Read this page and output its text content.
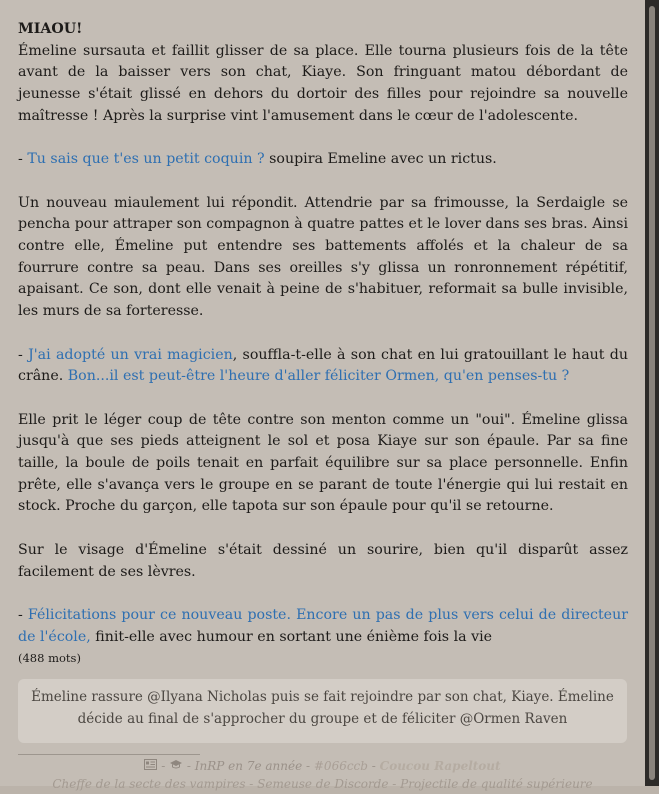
MIAOU!
Émeline sursauta et faillit glisser de sa place. Elle tourna plusieurs fois de la tête avant de la baisser vers son chat, Kiaye. Son fringuant matou débordant de jeunesse s'était glissé en dehors du dortoir des filles pour rejoindre sa nouvelle maîtresse ! Après la surprise vint l'amusement dans le cœur de l'adolescente.

- Tu sais que t'es un petit coquin ? soupira Emeline avec un rictus.

Un nouveau miaulement lui répondit. Attendrie par sa frimousse, la Serdaigle se pencha pour attraper son compagnon à quatre pattes et le lover dans ses bras. Ainsi contre elle, Émeline put entendre ses battements affolés et la chaleur de sa fourrure contre sa peau. Dans ses oreilles s'y glissa un ronronnement répétitif, apaisant. Ce son, dont elle venait à peine de s'habituer, reformait sa bulle invisible, les murs de sa forteresse.

- J'ai adopté un vrai magicien, souffla-t-elle à son chat en lui gratouillant le haut du crâne. Bon...il est peut-être l'heure d'aller féliciter Ormen, qu'en penses-tu ?

Elle prit le léger coup de tête contre son menton comme un "oui". Émeline glissa jusqu'à que ses pieds atteignent le sol et posa Kiaye sur son épaule. Par sa fine taille, la boule de poils tenait en parfait équilibre sur sa place personnelle. Enfin prête, elle s'avança vers le groupe en se parant de toute l'énergie qui lui restait en stock. Proche du garçon, elle tapota sur son épaule pour qu'il se retourne.

Sur le visage d'Émeline s'était dessiné un sourire, bien qu'il disparût assez facilement de ses lèvres.

- Félicitations pour ce nouveau poste. Encore un pas de plus vers celui de directeur de l'école, finit-elle avec humour en sortant une énième fois la vie

(488 mots)
Émeline rassure @Ilyana Nicholas puis se fait rejoindre par son chat, Kiaye. Émeline décide au final de s'approcher du groupe et de féliciter @Ormen Raven
-  - InRP en 7e année - #066ccb - Coucou Rapeltout
Cheffe de la secte des vampires - Semeuse de Discorde - Projectile de qualité supérieure
